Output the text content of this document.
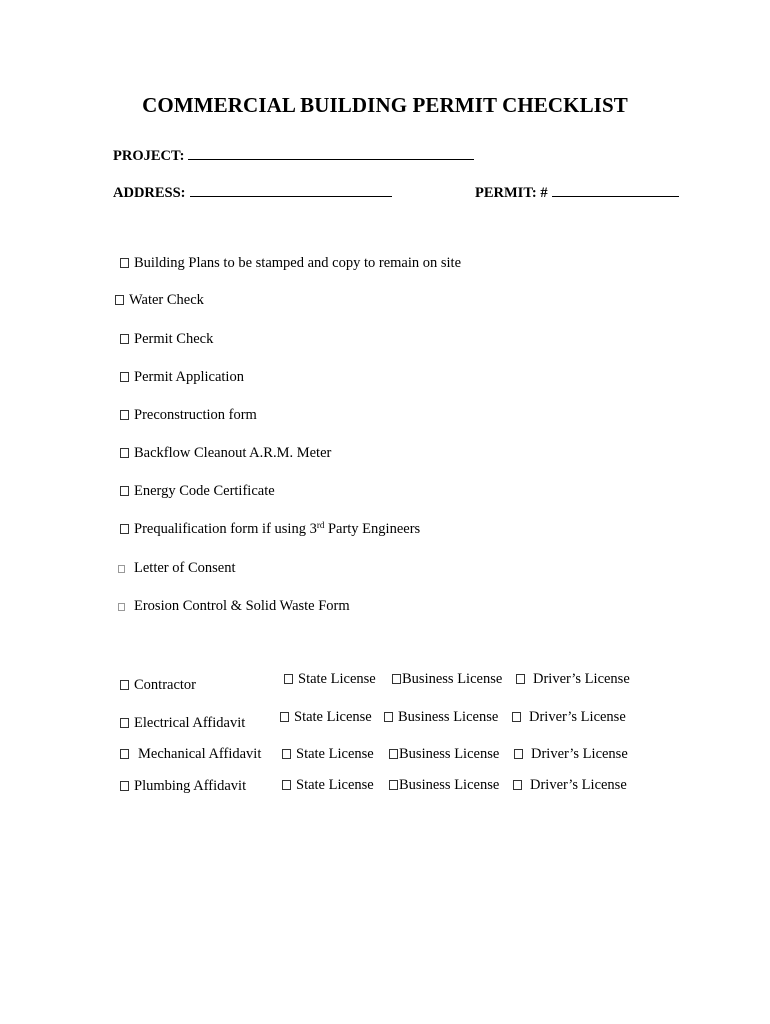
COMMERCIAL BUILDING PERMIT CHECKLIST
PROJECT:
ADDRESS:	PERMIT: #
Building Plans to be stamped and copy to remain on site
Water Check
Permit Check
Permit Application
Preconstruction form
Backflow Cleanout A.R.M. Meter
Energy Code Certificate
Prequalification form if using 3rd Party Engineers
Letter of Consent
Erosion Control & Solid Waste Form
Contractor	State License	Business License	Driver’s License
Electrical Affidavit	State License	Business License	Driver’s License
Mechanical Affidavit	State License	Business License	Driver’s License
Plumbing Affidavit	State License	Business License	Driver’s License
